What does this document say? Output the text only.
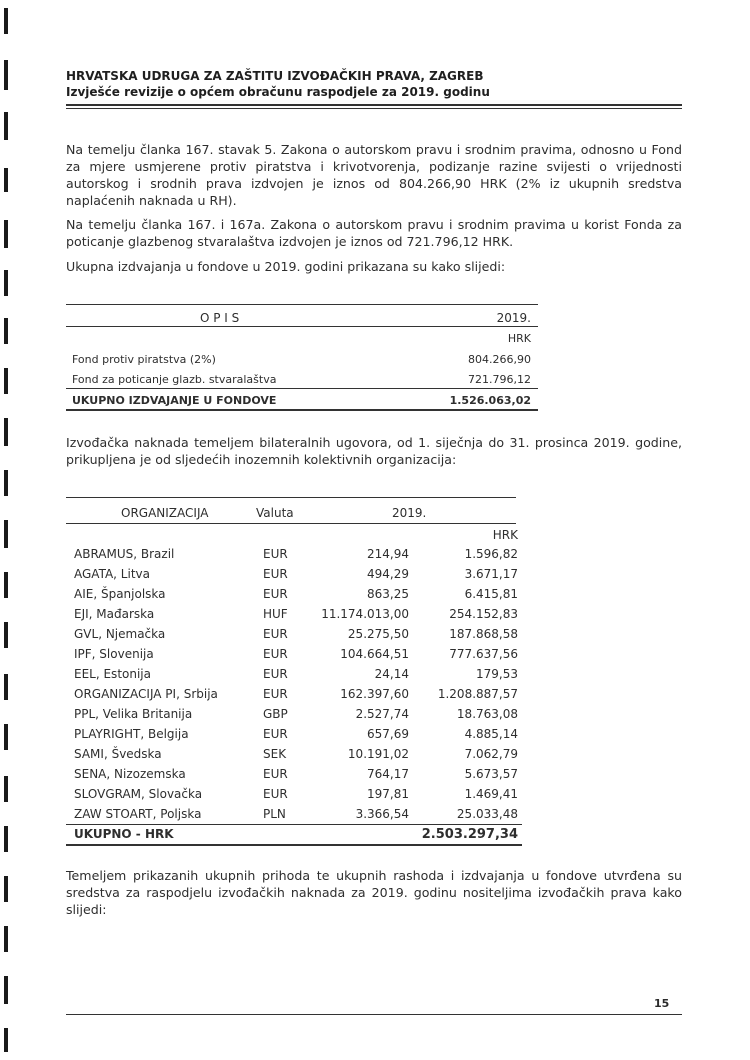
HRVATSKA UDRUGA ZA ZAŠTITU IZVOĐAČKIH PRAVA, ZAGREB
Izvješće revizije o općem obračunu raspodjele za 2019. godinu

Na temelju članka 167. stavak 5. Zakona o autorskom pravu i srodnim pravima, odnosno u Fond za mjere usmjerene protiv piratstva i krivotvorenja, podizanje razine svijesti o vrijednosti autorskog i srodnih prava izdvojen je iznos od 804.266,90 HRK (2% iz ukupnih sredstva naplaćenih naknada u RH).

Na temelju članka 167. i 167a. Zakona o autorskom pravu i srodnim pravima u korist Fonda za poticanje glazbenog stvaralaštva izdvojen je iznos od 721.796,12 HRK.

Ukupna izdvajanja u fondove u 2019. godini prikazana su kako slijedi:

O P I S	2019.
HRK
Fond protiv piratstva (2%)	804.266,90
Fond za poticanje glazb. stvaralaštva	721.796,12
UKUPNO IZDVAJANJE U FONDOVE	1.526.063,02

Izvođačka naknada temeljem bilateralnih ugovora, od 1. siječnja do 31. prosinca 2019. godine, prikupljena je od sljedećih inozemnih kolektivnih organizacija:

ORGANIZACIJA	Valuta	2019.
HRK
ABRAMUS, Brazil	EUR	214,94	1.596,82
AGATA, Litva	EUR	494,29	3.671,17
AIE, Španjolska	EUR	863,25	6.415,81
EJI, Mađarska	HUF	11.174.013,00	254.152,83
GVL, Njemačka	EUR	25.275,50	187.868,58
IPF, Slovenija	EUR	104.664,51	777.637,56
EEL, Estonija	EUR	24,14	179,53
ORGANIZACIJA PI, Srbija	EUR	162.397,60 1.208.887,57
PPL, Velika Britanija	GBP	2.527,74	18.763,08
PLAYRIGHT, Belgija	EUR	657,69	4.885,14
SAMI, Švedska	SEK	10.191,02	7.062,79
SENA, Nizozemska	EUR	764,17	5.673,57
SLOVGRAM, Slovačka	EUR	197,81	1.469,41
ZAW STOART, Poljska	PLN	3.366,54	25.033,48
UKUPNO - HRK	2.503.297,34

Temeljem prikazanih ukupnih prihoda te ukupnih rashoda i izdvajanja u fondove utvrđena su sredstva za raspodjelu izvođačkih naknada za 2019. godinu nositeljima izvođačkih prava kako slijedi:

15
